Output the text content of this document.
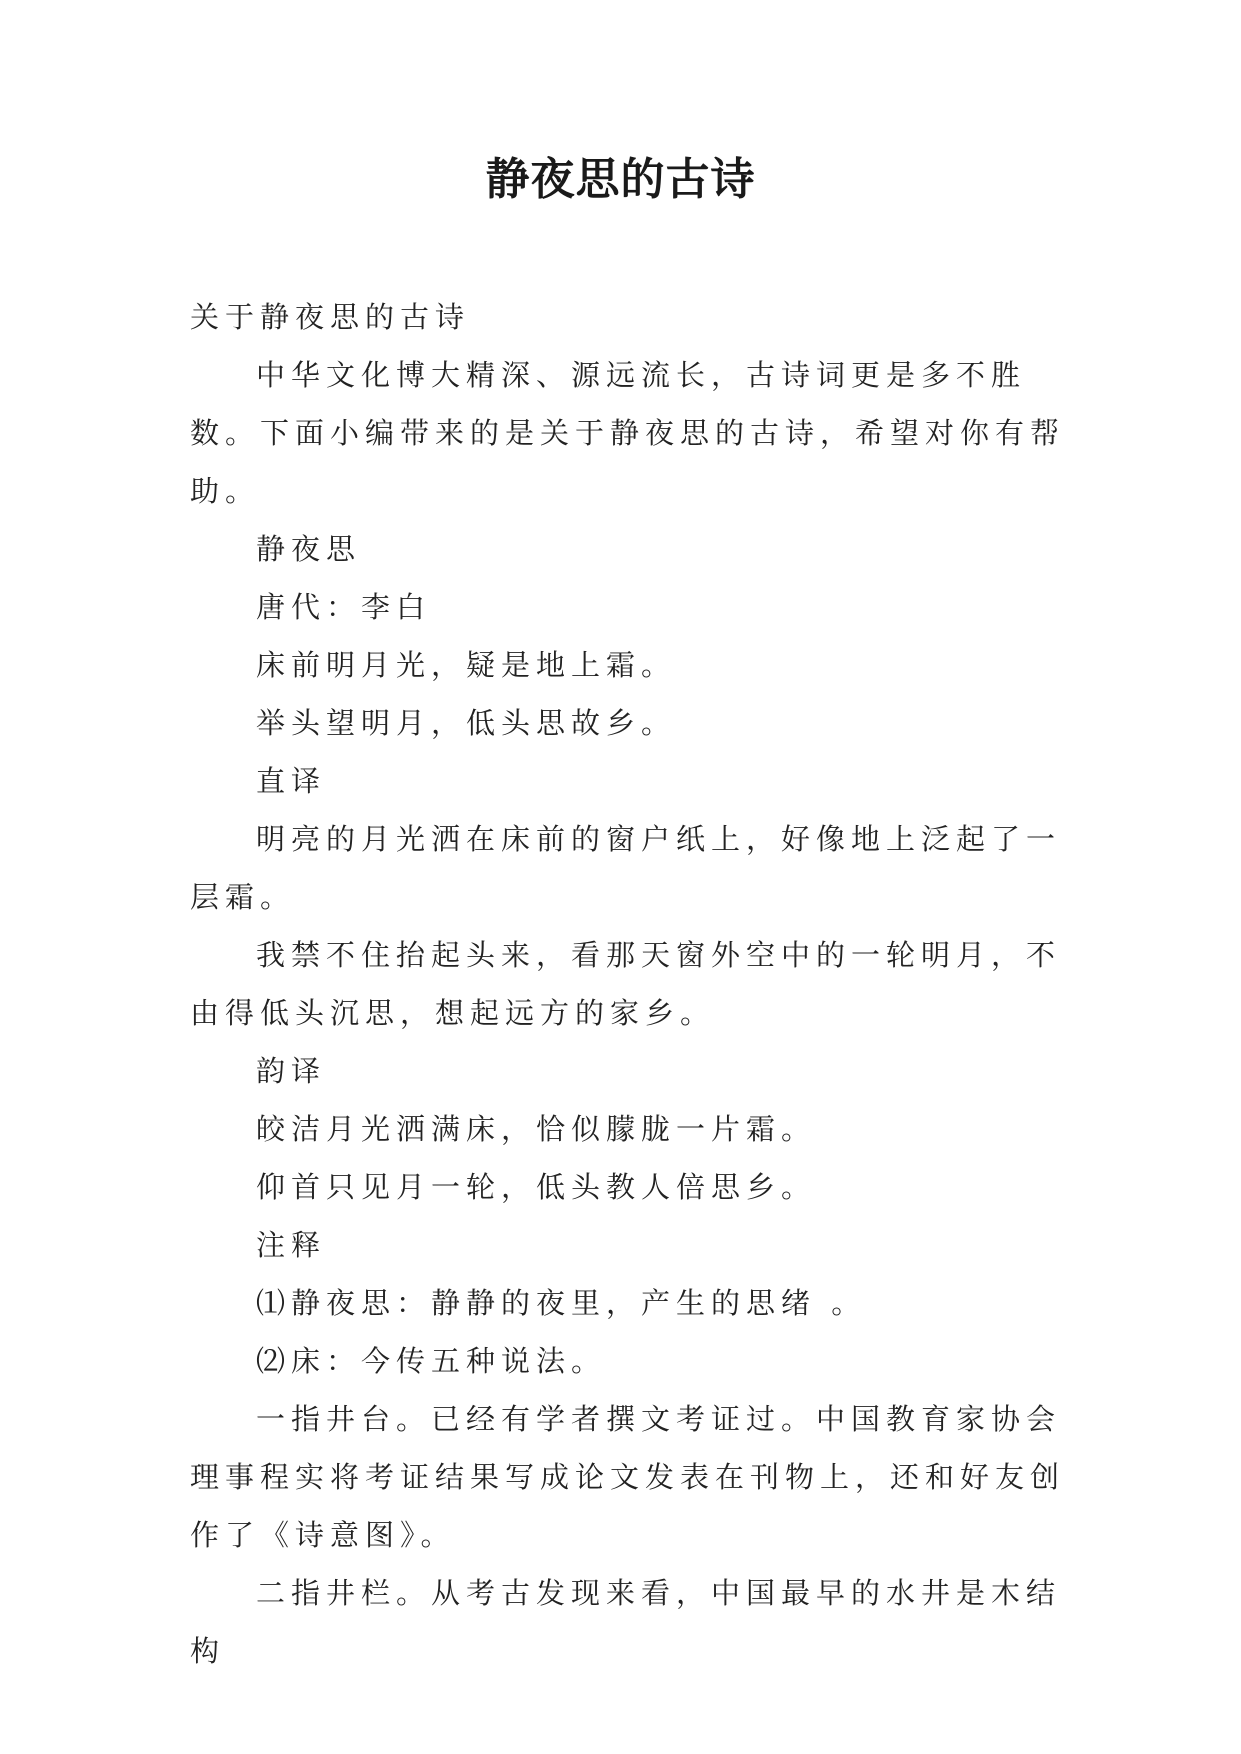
静夜思的古诗

关于静夜思的古诗

中华文化博大精深、源远流长，古诗词更是多不胜数。下面小编带来的是关于静夜思的古诗，希望对你有帮助。

静夜思

唐代：李白

床前明月光，疑是地上霜。

举头望明月，低头思故乡。

直译

明亮的月光洒在床前的窗户纸上，好像地上泛起了一层霜。

我禁不住抬起头来，看那天窗外空中的一轮明月，不由得低头沉思，想起远方的家乡。

韵译

皎洁月光洒满床，恰似朦胧一片霜。

仰首只见月一轮，低头教人倍思乡。

注释

⑴静夜思：静静的夜里，产生的思绪 。

⑵床：今传五种说法。

一指井台。已经有学者撰文考证过。中国教育家协会理事程实将考证结果写成论文发表在刊物上，还和好友创作了《诗意图》。

二指井栏。从考古发现来看，中国最早的水井是木结构
